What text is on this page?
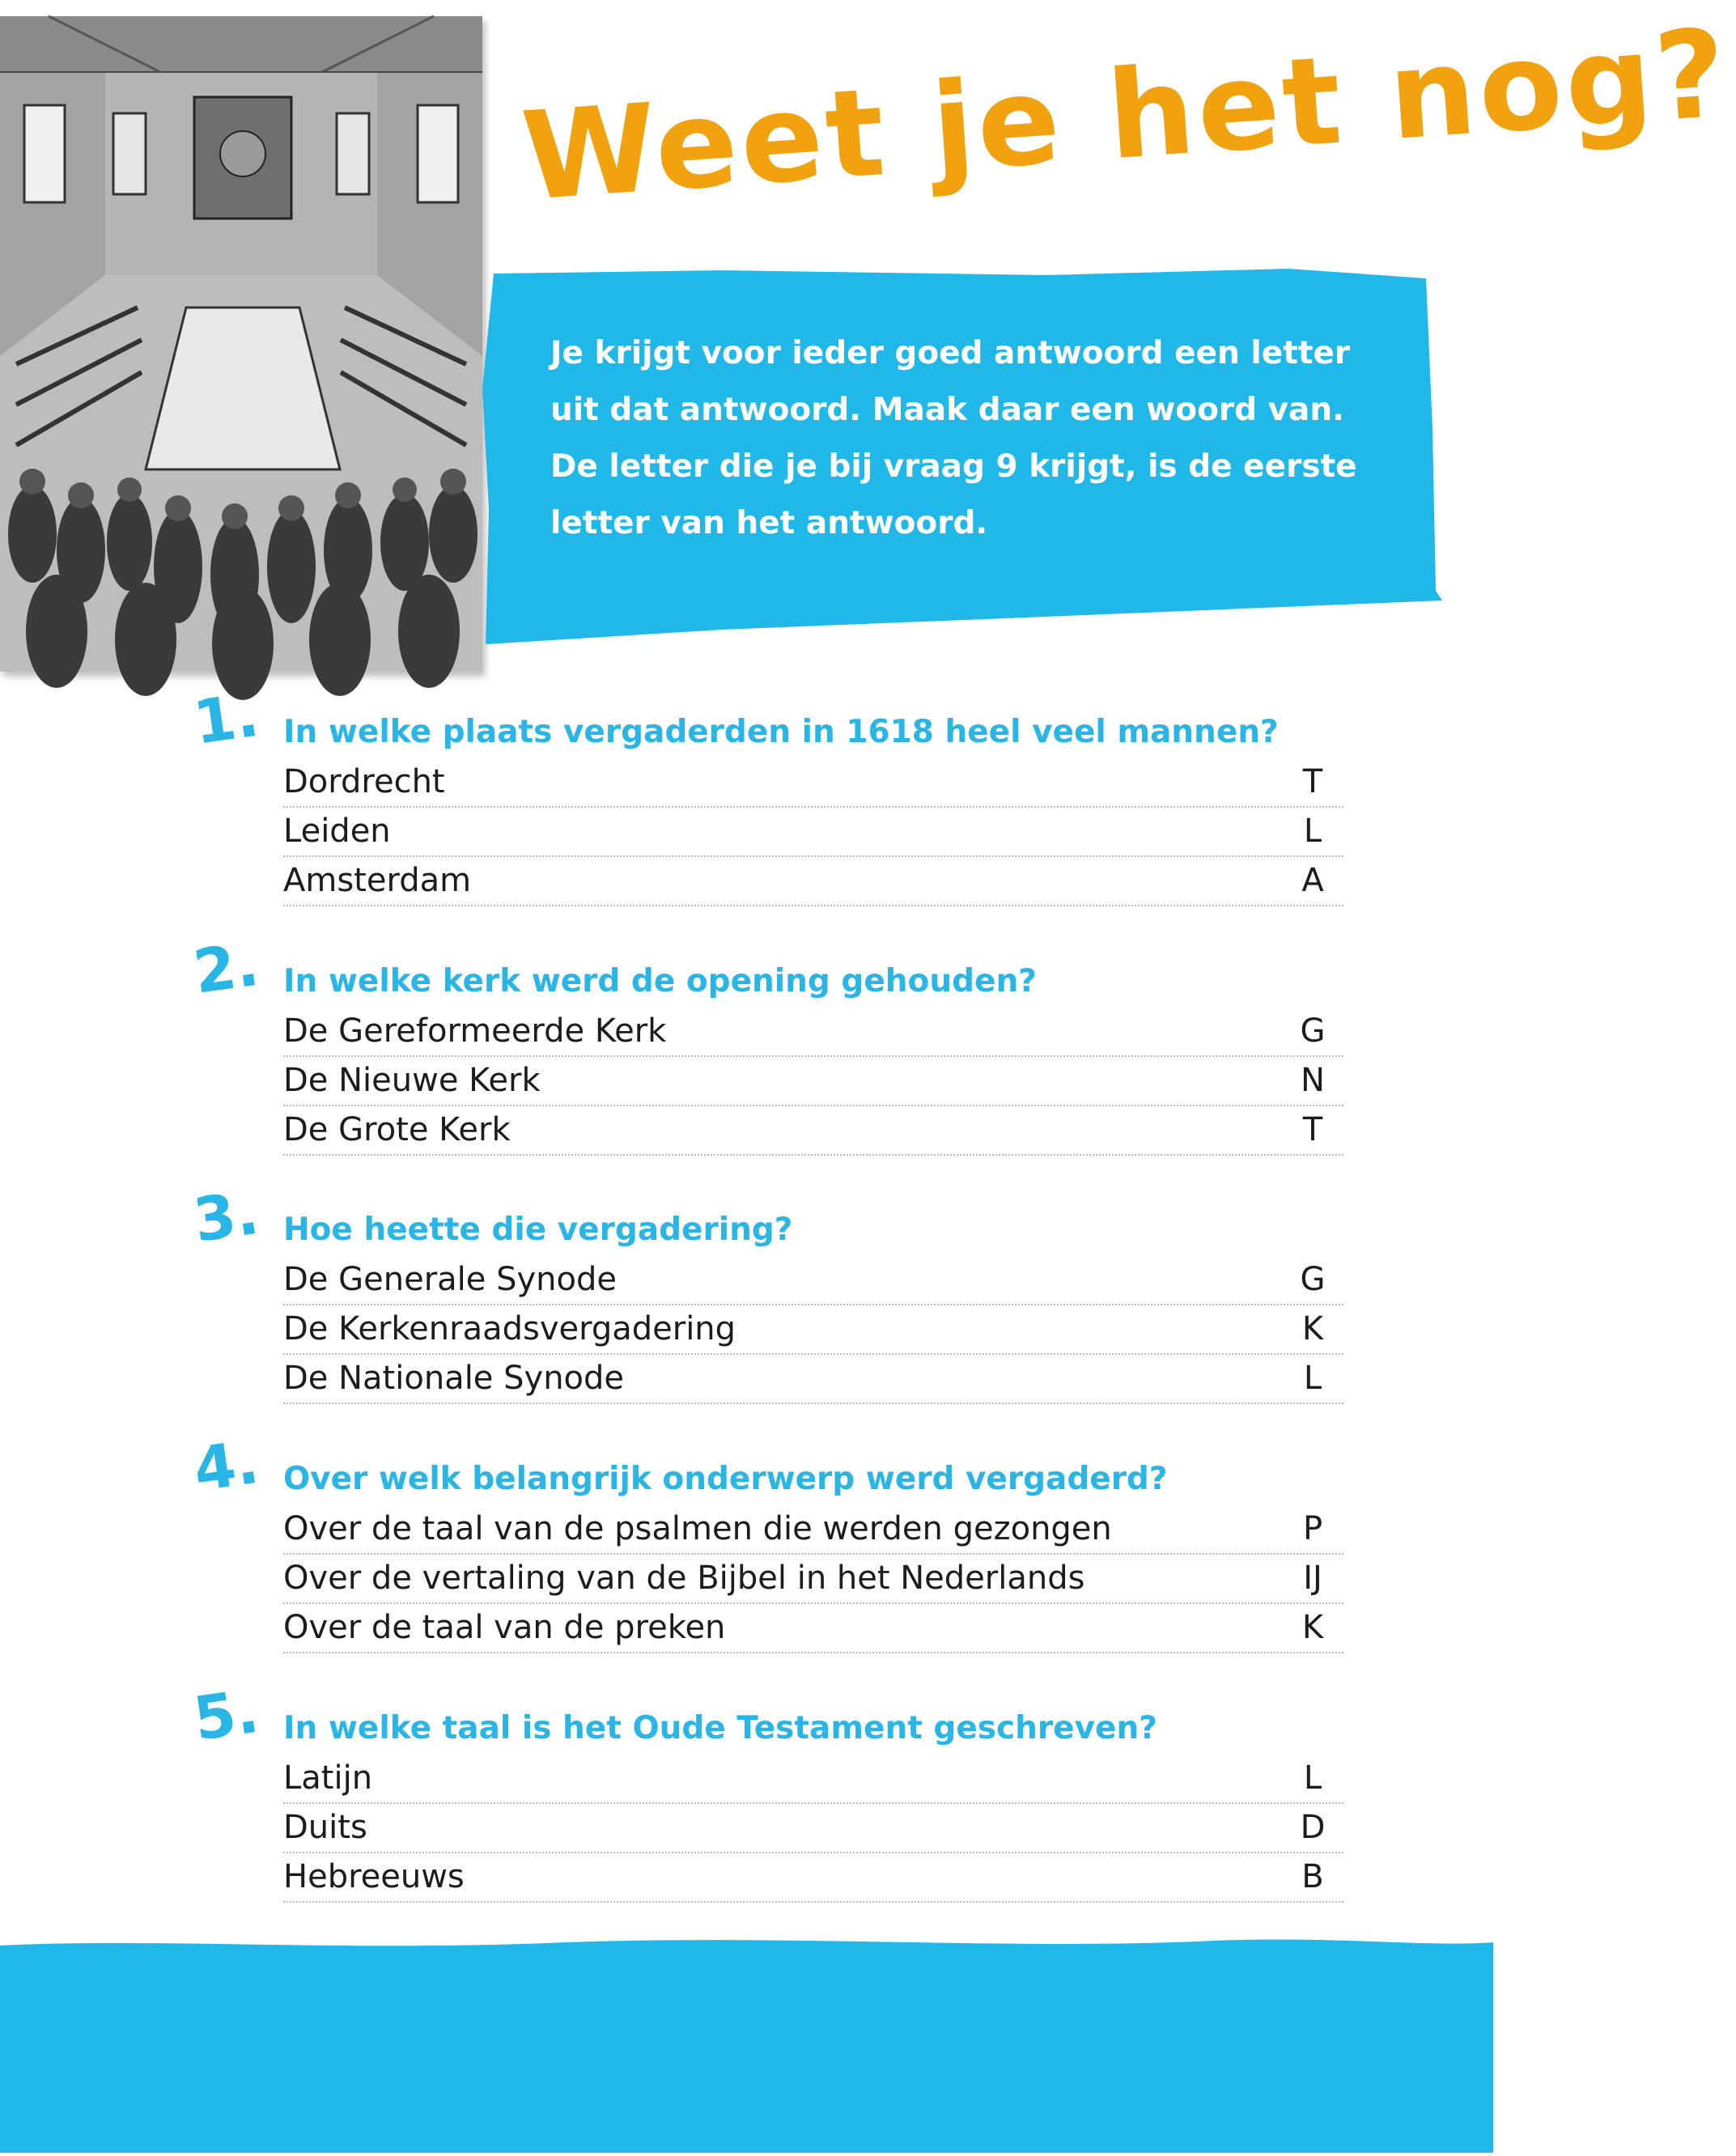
Weet je het nog?
Je krijgt voor ieder goed antwoord een letter
uit dat antwoord. Maak daar een woord van.
De letter die je bij vraag 9 krijgt, is de eerste
letter van het antwoord.
1. In welke plaats vergaderden in 1618 heel veel mannen?
Dordrecht	T
Leiden	L
Amsterdam	A
2. In welke kerk werd de opening gehouden?
De Gereformeerde Kerk	G
De Nieuwe Kerk	N
De Grote Kerk	T
3. Hoe heette die vergadering?
De Generale Synode	G
De Kerkenraadsvergadering	K
De Nationale Synode	L
4. Over welk belangrijk onderwerp werd vergaderd?
Over de taal van de psalmen die werden gezongen	P
Over de vertaling van de Bijbel in het Nederlands	IJ
Over de taal van de preken	K
5. In welke taal is het Oude Testament geschreven?
Latijn	L
Duits	D
Hebreeuws	B
